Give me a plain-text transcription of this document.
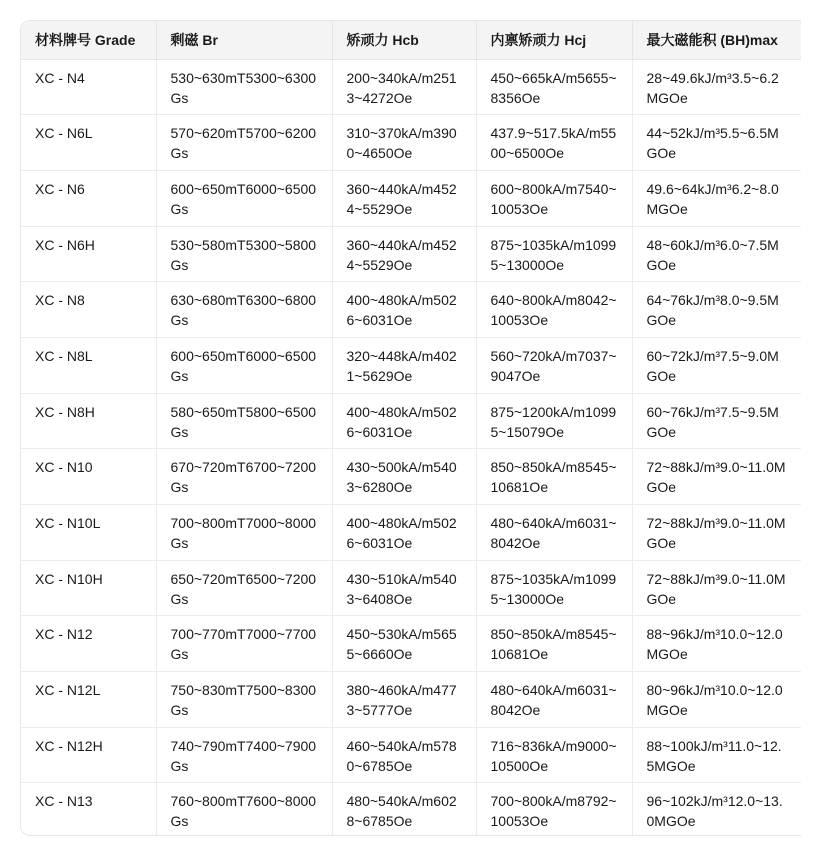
材料牌号 Grade	剩磁 Br	矫顽力 Hcb	内禀矫顽力 Hcj	最大磁能积 (BH)max
XC - N4	530~630mT5300~6300Gs	200~340kA/m2513~4272Oe	450~665kA/m5655~8356Oe	28~49.6kJ/m³3.5~6.2MGOe
XC - N6L	570~620mT5700~6200Gs	310~370kA/m3900~4650Oe	437.9~517.5kA/m5500~6500Oe	44~52kJ/m³5.5~6.5MGOe
XC - N6	600~650mT6000~6500Gs	360~440kA/m4524~5529Oe	600~800kA/m7540~10053Oe	49.6~64kJ/m³6.2~8.0MGOe
XC - N6H	530~580mT5300~5800Gs	360~440kA/m4524~5529Oe	875~1035kA/m10995~13000Oe	48~60kJ/m³6.0~7.5MGOe
XC - N8	630~680mT6300~6800Gs	400~480kA/m5026~6031Oe	640~800kA/m8042~10053Oe	64~76kJ/m³8.0~9.5MGOe
XC - N8L	600~650mT6000~6500Gs	320~448kA/m4021~5629Oe	560~720kA/m7037~9047Oe	60~72kJ/m³7.5~9.0MGOe
XC - N8H	580~650mT5800~6500Gs	400~480kA/m5026~6031Oe	875~1200kA/m10995~15079Oe	60~76kJ/m³7.5~9.5MGOe
XC - N10	670~720mT6700~7200Gs	430~500kA/m5403~6280Oe	850~850kA/m8545~10681Oe	72~88kJ/m³9.0~11.0MGOe
XC - N10L	700~800mT7000~8000Gs	400~480kA/m5026~6031Oe	480~640kA/m6031~8042Oe	72~88kJ/m³9.0~11.0MGOe
XC - N10H	650~720mT6500~7200Gs	430~510kA/m5403~6408Oe	875~1035kA/m10995~13000Oe	72~88kJ/m³9.0~11.0MGOe
XC - N12	700~770mT7000~7700Gs	450~530kA/m5655~6660Oe	850~850kA/m8545~10681Oe	88~96kJ/m³10.0~12.0MGOe
XC - N12L	750~830mT7500~8300Gs	380~460kA/m4773~5777Oe	480~640kA/m6031~8042Oe	80~96kJ/m³10.0~12.0MGOe
XC - N12H	740~790mT7400~7900Gs	460~540kA/m5780~6785Oe	716~836kA/m9000~10500Oe	88~100kJ/m³11.0~12.5MGOe
XC - N13	760~800mT7600~8000Gs	480~540kA/m6028~6785Oe	700~800kA/m8792~10053Oe	96~102kJ/m³12.0~13.0MGOe
